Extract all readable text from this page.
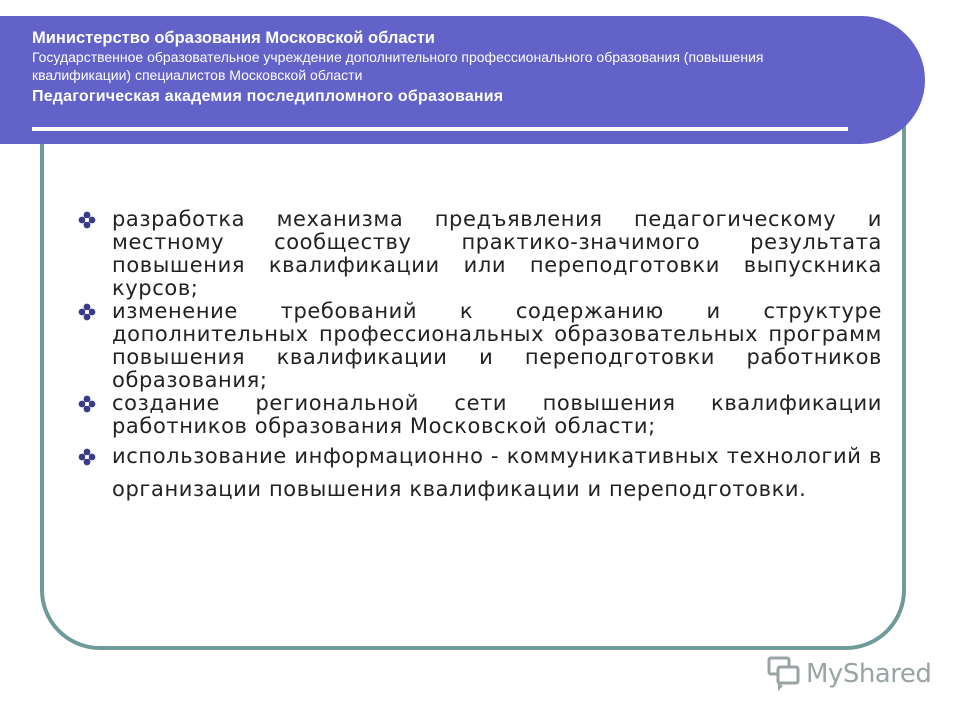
Министерство образования Московской области

Государственное образовательное учреждение дополнительного профессионального образования (повышения квалификации) специалистов Московской области

Педагогическая академия последипломного образования

разработка механизма предъявления педагогическому и местному сообществу практико-значимого результата повышения квалификации или переподготовки выпускника курсов;

изменение требований к содержанию и структуре дополнительных профессиональных образовательных программ повышения квалификации и переподготовки работников образования;

создание региональной сети повышения квалификации работников образования Московской области;

использование информационно - коммуникативных технологий в организации повышения квалификации и переподготовки.

MyShared
